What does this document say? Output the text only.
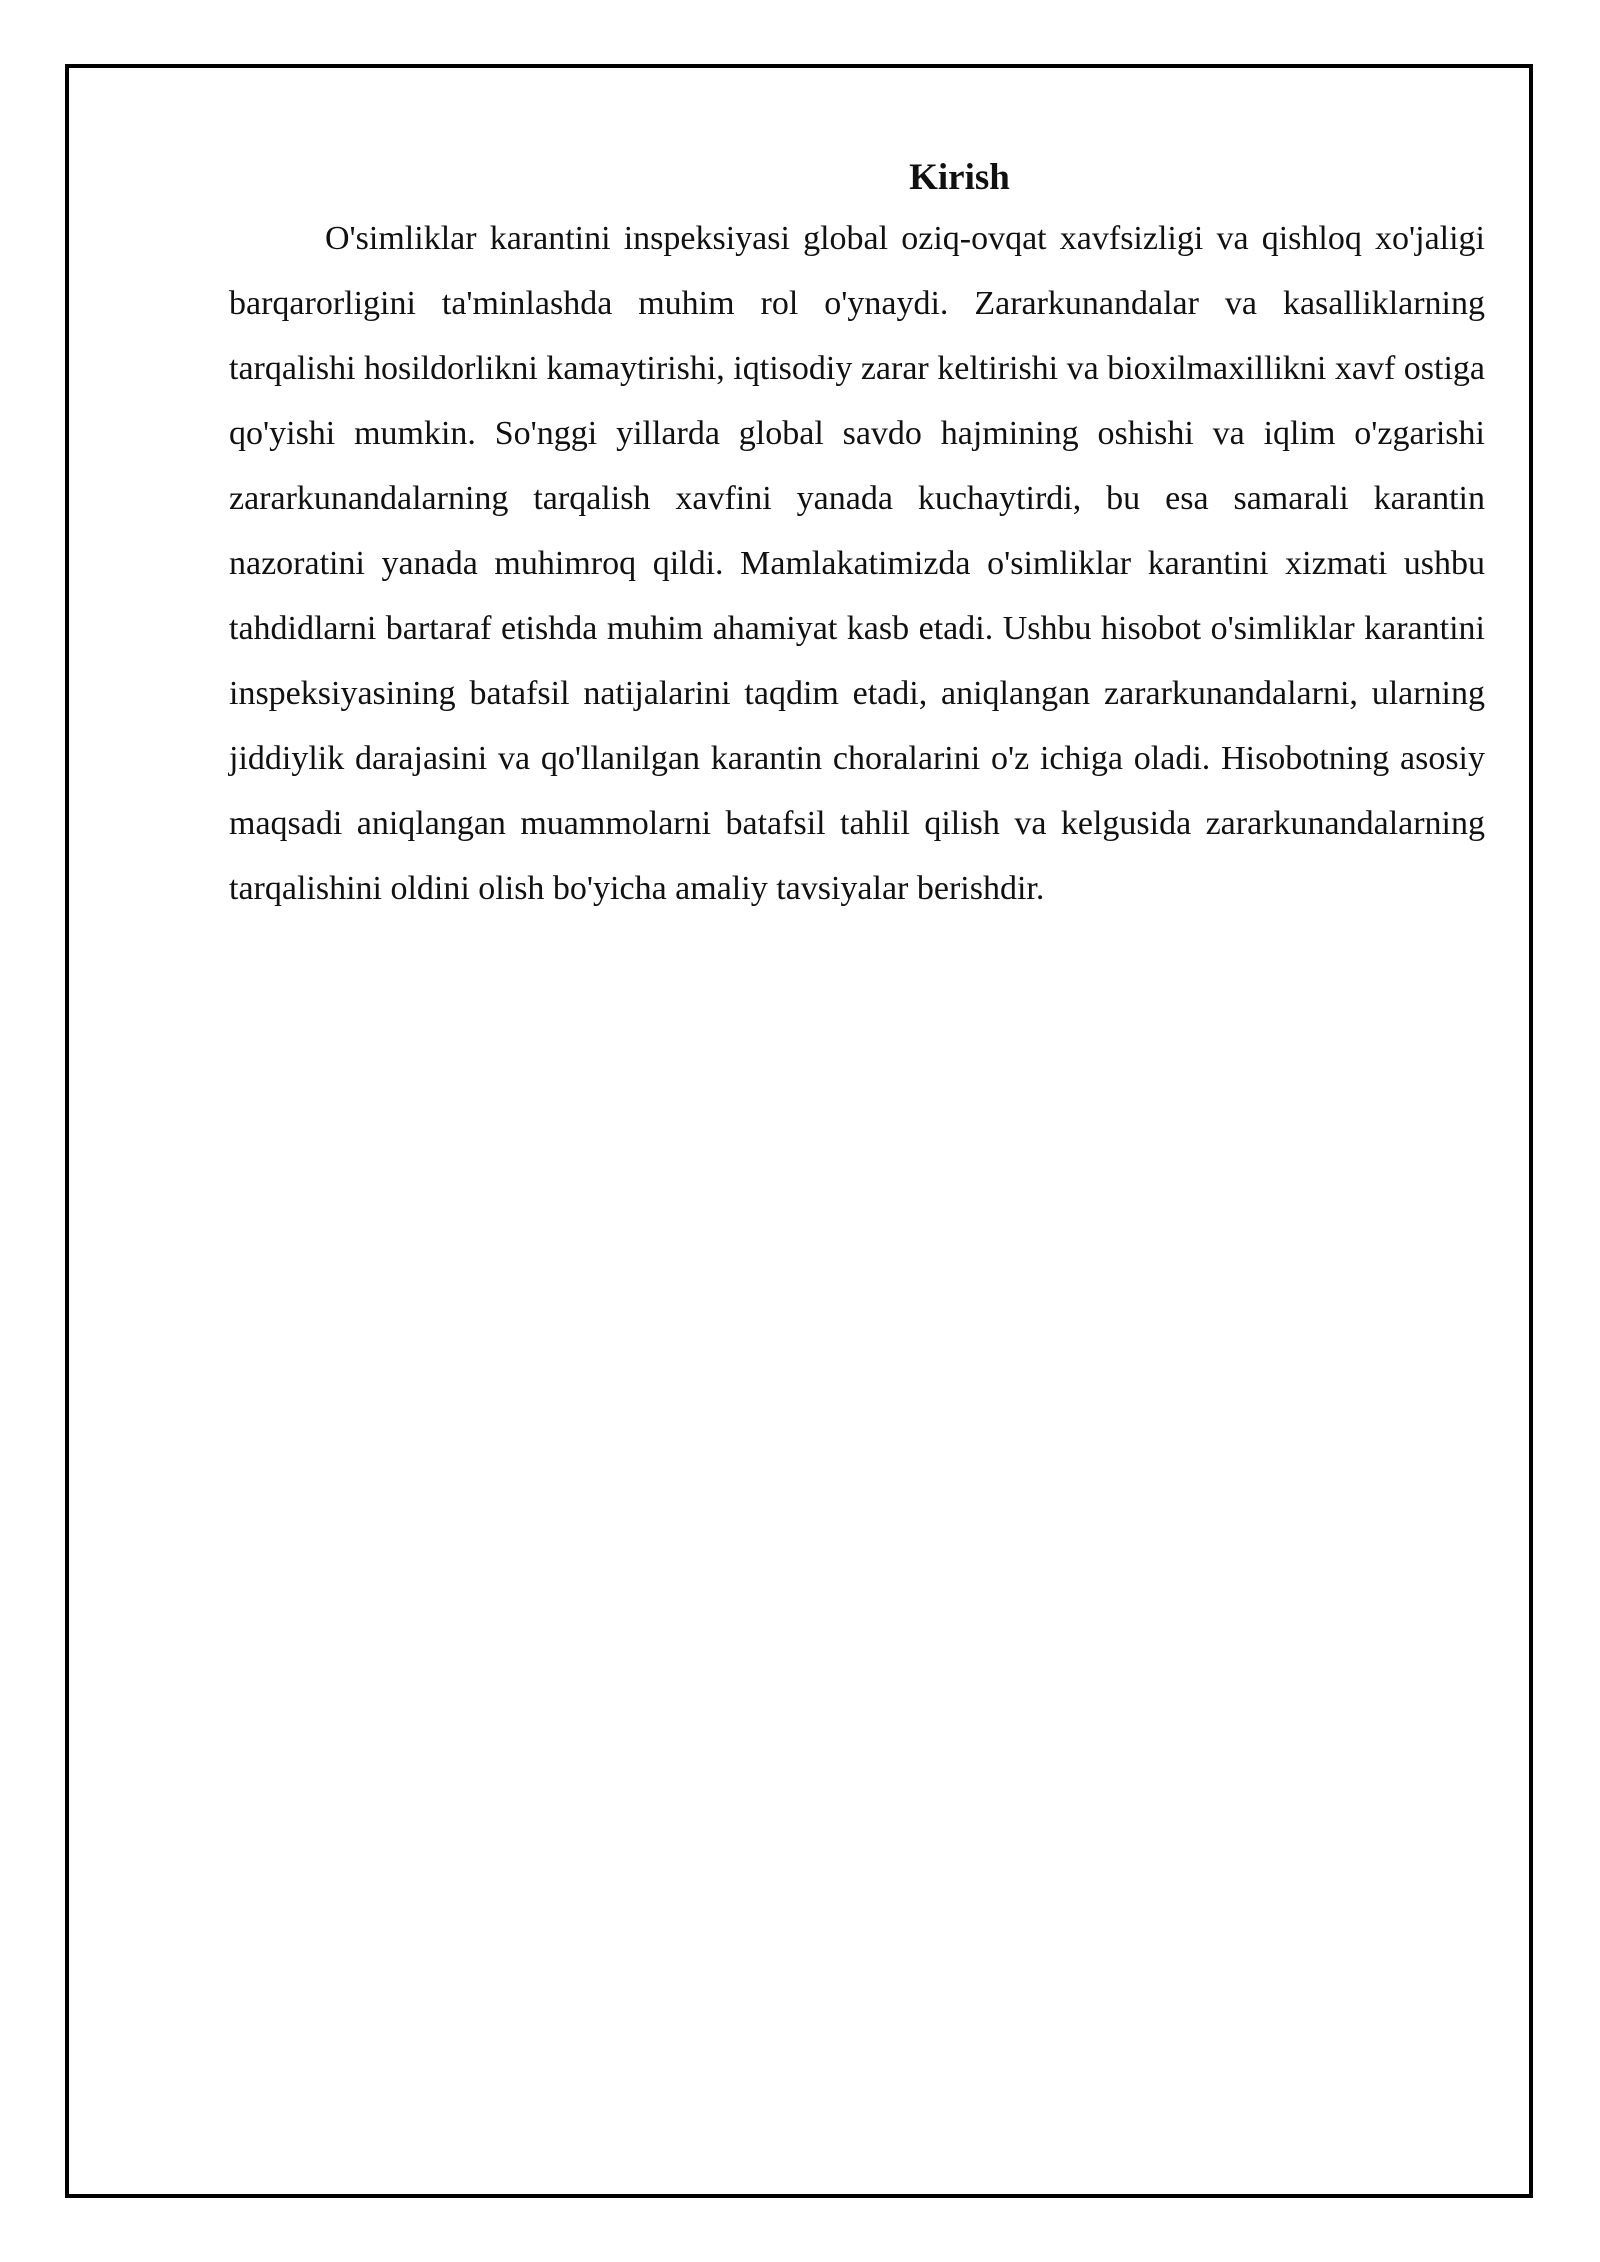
Kirish

O'simliklar karantini inspeksiyasi global oziq-ovqat xavfsizligi va qishloq xo'jaligi barqarorligini ta'minlashda muhim rol o'ynaydi. Zararkunandalar va kasalliklarning tarqalishi hosildorlikni kamaytirishi, iqtisodiy zarar keltirishi va bioxilmaxillikni xavf ostiga qo'yishi mumkin. So'nggi yillarda global savdo hajmining oshishi va iqlim o'zgarishi zararkunandalarning tarqalish xavfini yanada kuchaytirdi, bu esa samarali karantin nazoratini yanada muhimroq qildi. Mamlakatimizda o'simliklar karantini xizmati ushbu tahdidlarni bartaraf etishda muhim ahamiyat kasb etadi. Ushbu hisobot o'simliklar karantini inspeksiyasining batafsil natijalarini taqdim etadi, aniqlangan zararkunandalarni, ularning jiddiylik darajasini va qo'llanilgan karantin choralarini o'z ichiga oladi. Hisobotning asosiy maqsadi aniqlangan muammolarni batafsil tahlil qilish va kelgusida zararkunandalarning tarqalishini oldini olish bo'yicha amaliy tavsiyalar berishdir.
